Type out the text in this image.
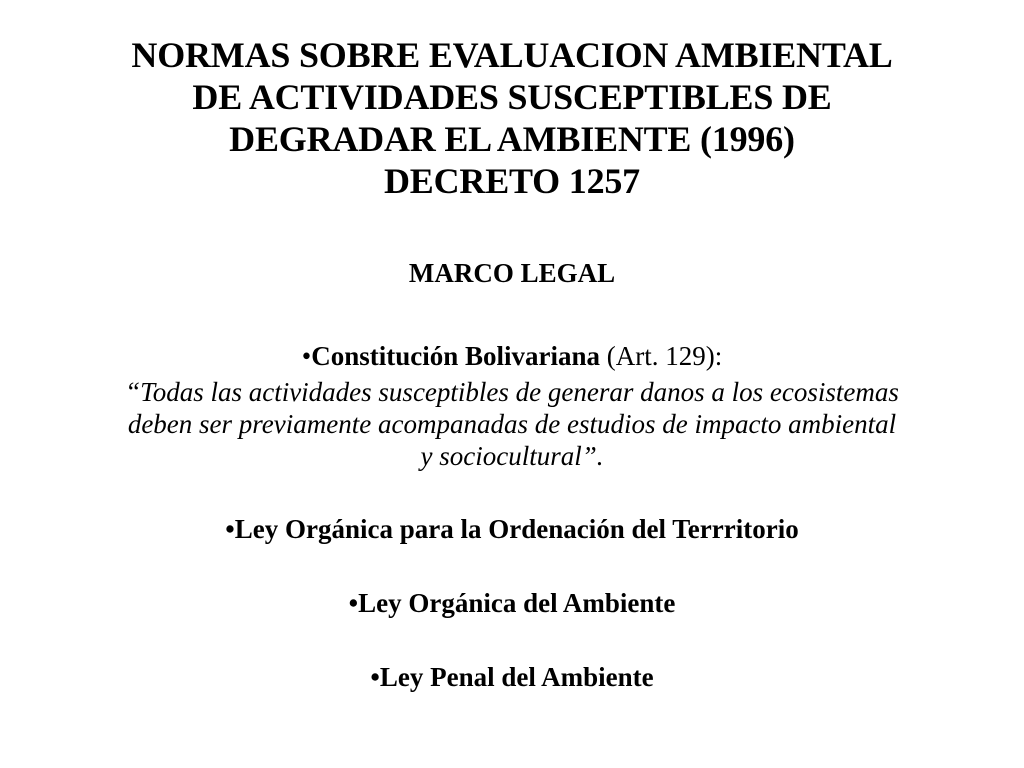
NORMAS SOBRE EVALUACION AMBIENTAL
DE ACTIVIDADES SUSCEPTIBLES DE
DEGRADAR EL AMBIENTE (1996)
DECRETO 1257
MARCO LEGAL
•Constitución Bolivariana (Art. 129):
“Todas las actividades susceptibles de generar danos a los ecosistemas
deben ser previamente acompanadas de estudios de impacto ambiental
y sociocultural”.
•Ley Orgánica para la Ordenación del Terrritorio
•Ley Orgánica del Ambiente
•Ley Penal del Ambiente
